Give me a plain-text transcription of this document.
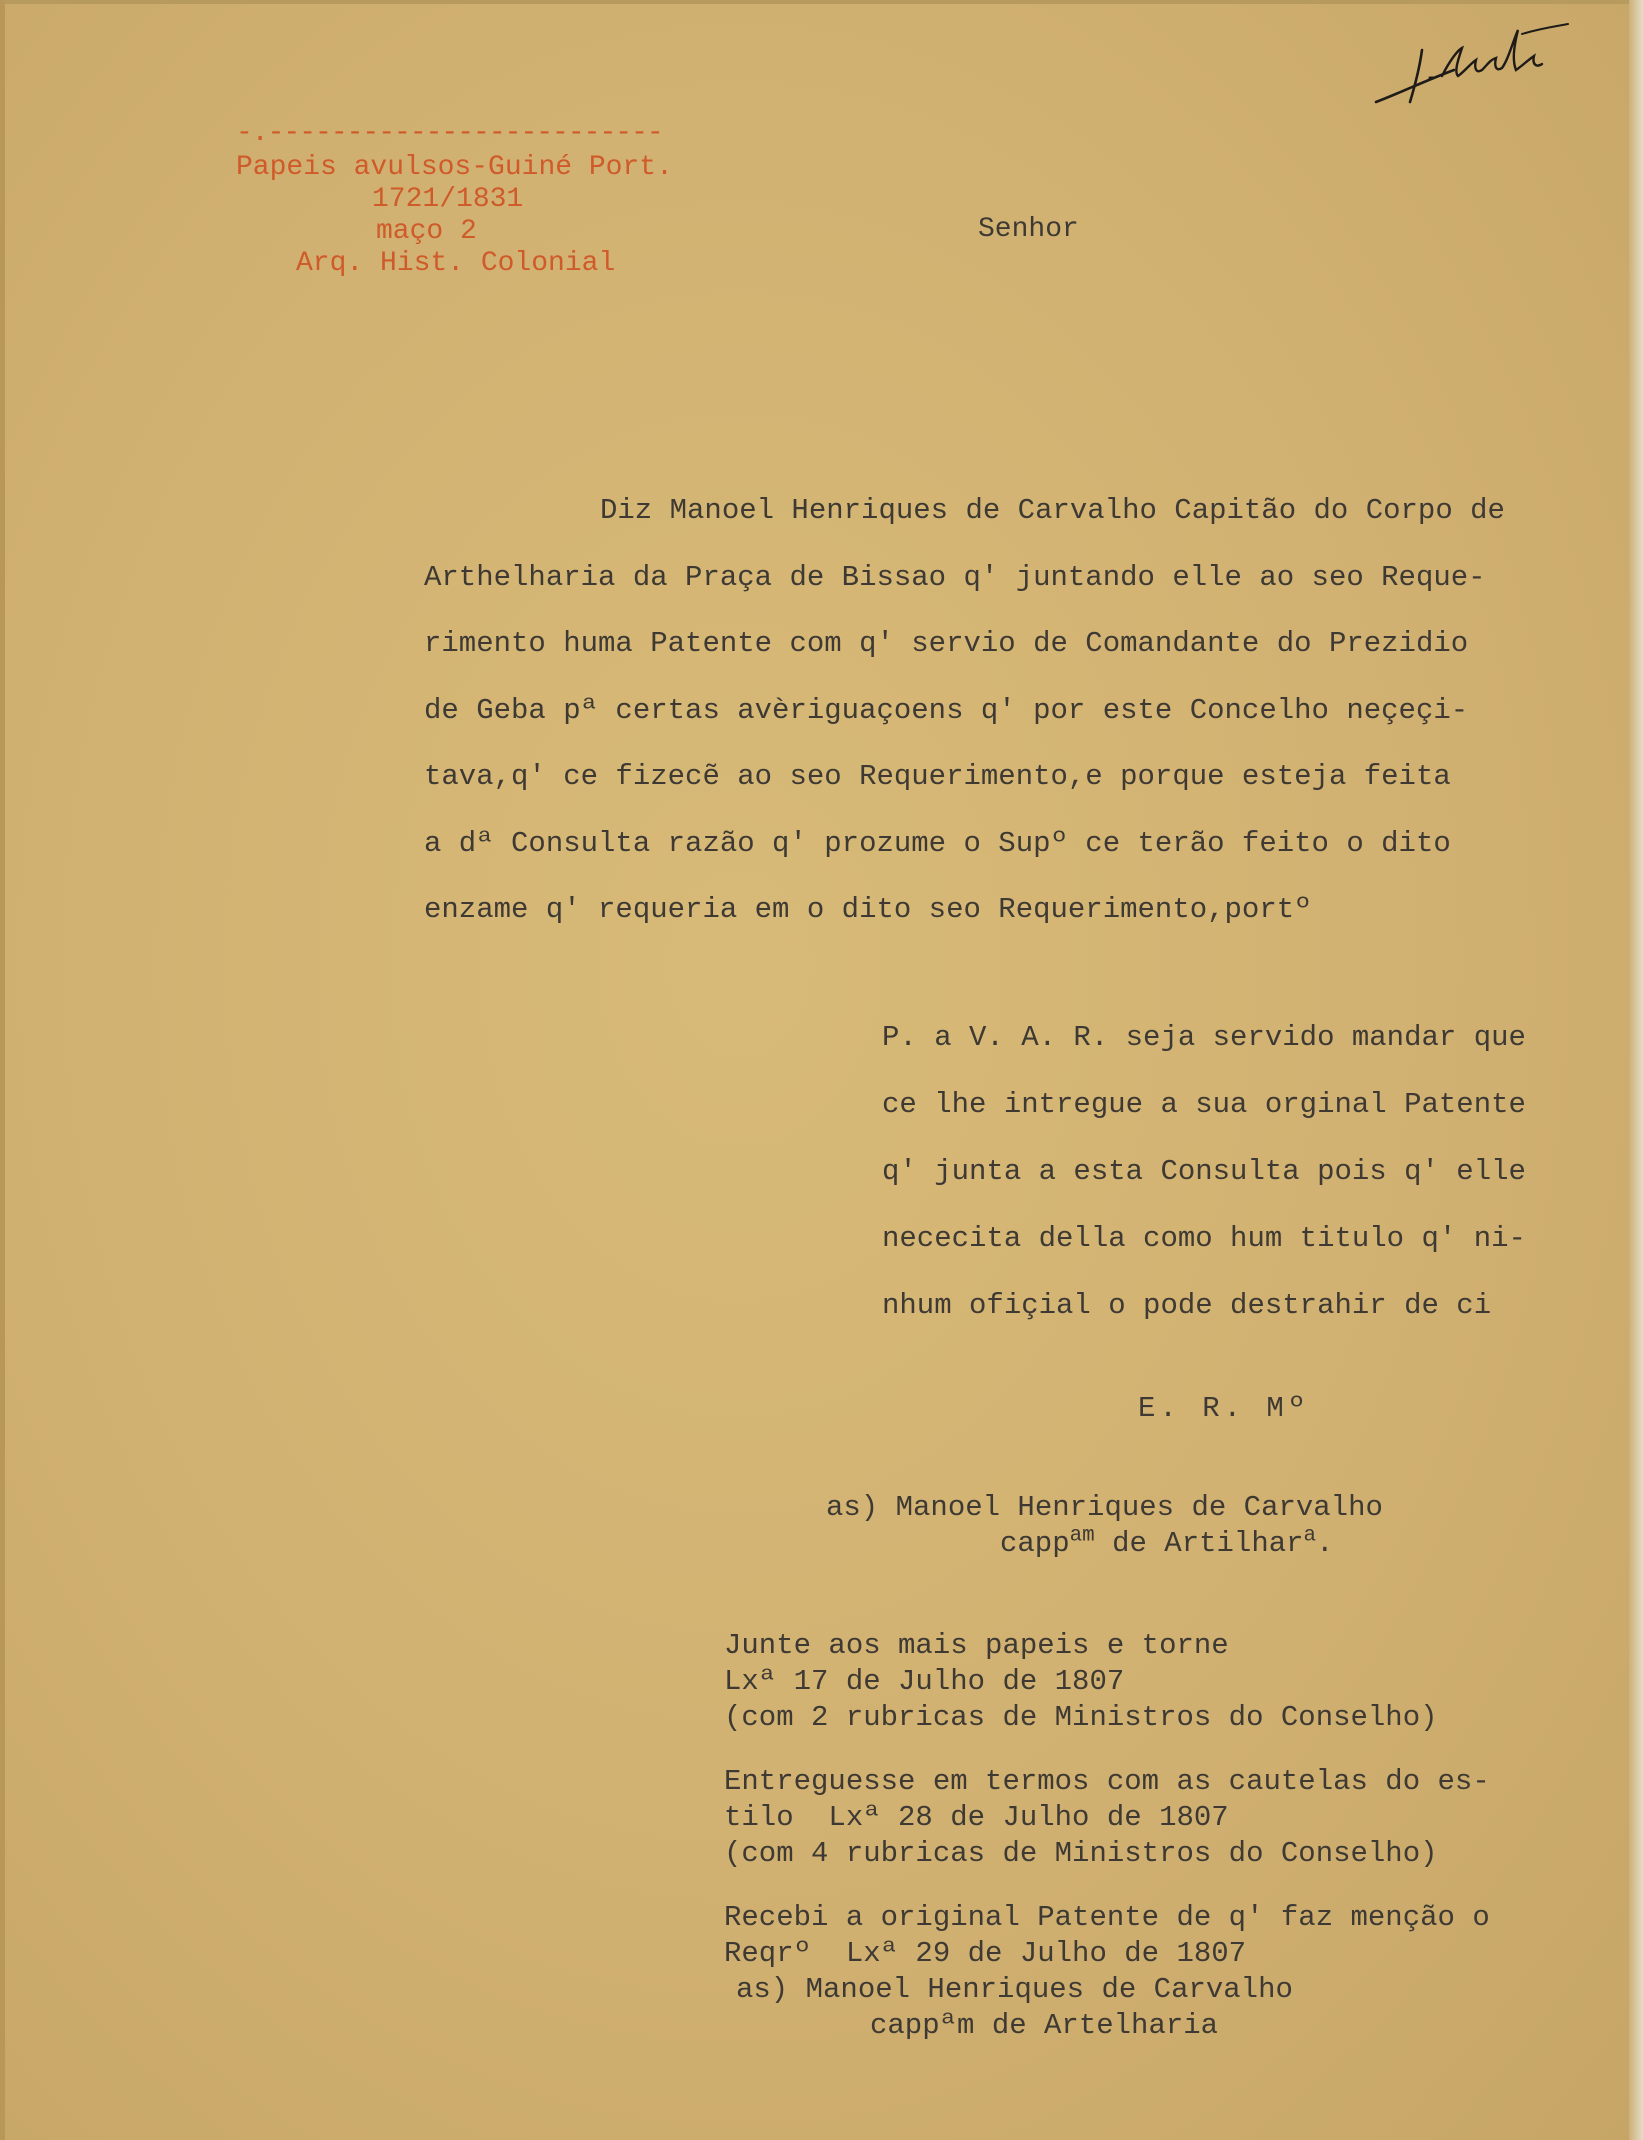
-.-------------------------
Papeis avulsos-Guiné Port.
1721/1831
maço 2
Arq. Hist. Colonial
Senhor
Diz Manoel Henriques de Carvalho Capitão do Corpo de
Arthelharia da Praça de Bissao q' juntando elle ao seo Reque-
rimento huma Patente com q' servio de Comandante do Prezidio
de Geba pª certas avèriguaçoens q' por este Concelho neçeçi-
tava,q' ce fizecẽ ao seo Requerimento,e porque esteja feita
a dª Consulta razão q' prozume o Supº ce terão feito o dito
enzame q' requeria em o dito seo Requerimento,portº
P. a V. A. R. seja servido mandar que
ce lhe intregue a sua orginal Patente
q' junta a esta Consulta pois q' elle
nececita della como hum titulo q' ni-
nhum ofiçial o pode destrahir de ci
E. R. Mº
as) Manoel Henriques de Carvalho
capp$^{am}$ de Artilhar$^a$.
Junte aos mais papeis e torne
Lxª 17 de Julho de 1807
(com 2 rubricas de Ministros do Conselho)
Entreguesse em termos com as cautelas do es-
tilo  Lxª 28 de Julho de 1807
(com 4 rubricas de Ministros do Conselho)
Recebi a original Patente de q' faz menção o
Reqrº  Lxª 29 de Julho de 1807
as) Manoel Henriques de Carvalho
cappªm de Artelharia
